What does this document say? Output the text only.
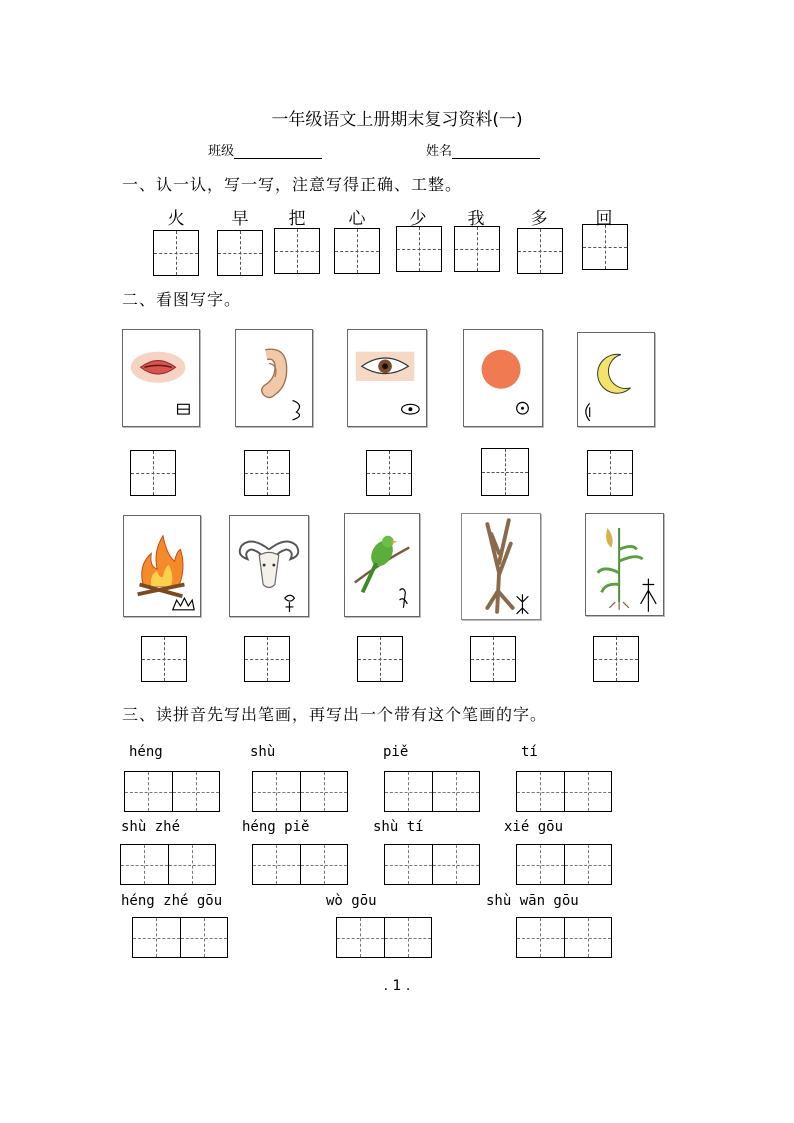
一年级语文上册期末复习资料(一)
班级	姓名
一、认一认，写一写，注意写得正确、工整。
火	早	把	心	少	我	多	回
二、看图写字。
三、读拼音先写出笔画，再写出一个带有这个笔画的字。
héng	shù	piě	tí
shù zhé	héng piě	shù tí	xié gōu
héng zhé gōu	wò gōu	shù wān gōu
. 1 .
